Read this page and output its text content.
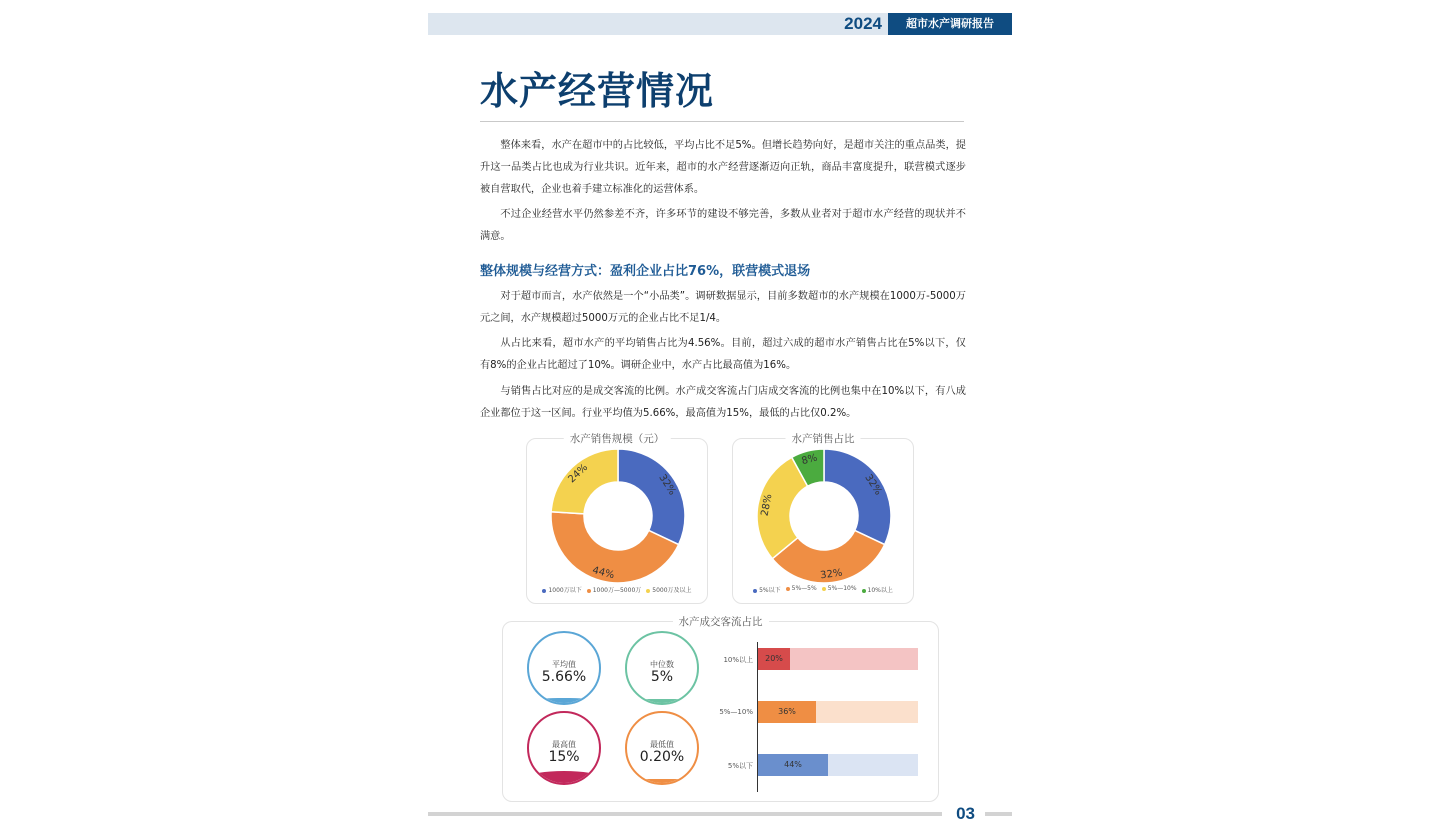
2024	超市水产调研报告
水产经营情况

整体来看，水产在超市中的占比较低，平均占比不足5%。但增长趋势向好，是超市关注的重点品类，提升这一品类占比也成为行业共识。近年来，超市的水产经营逐渐迈向正轨，商品丰富度提升，联营模式逐步被自营取代，企业也着手建立标准化的运营体系。

不过企业经营水平仍然参差不齐，许多环节的建设不够完善，多数从业者对于超市水产经营的现状并不满意。

整体规模与经营方式：盈利企业占比76%，联营模式退场

对于超市而言，水产依然是一个“小品类”。调研数据显示，目前多数超市的水产规模在1000万-5000万元之间，水产规模超过5000万元的企业占比不足1/4。

从占比来看，超市水产的平均销售占比为4.56%。目前，超过六成的超市水产销售占比在5%以下，仅有8%的企业占比超过了10%。调研企业中，水产占比最高值为16%。

与销售占比对应的是成交客流的比例。水产成交客流占门店成交客流的比例也集中在10%以下，有八成企业都位于这一区间。行业平均值为5.66%，最高值为15%，最低的占比仅0.2%。

水产销售规模（元）
32%
44%
24%
1000万以下	1000万—5000万	5000万及以上
水产销售占比
32%
32%
28%
8%
5%以下	5%—5%	5%—10%	10%以上
水产成交客流占比
平均值
5.66%
中位数
5%
最高值
15%
最低值
0.20%
10%以上	20%
5%—10%	36%
5%以下	44%
03
